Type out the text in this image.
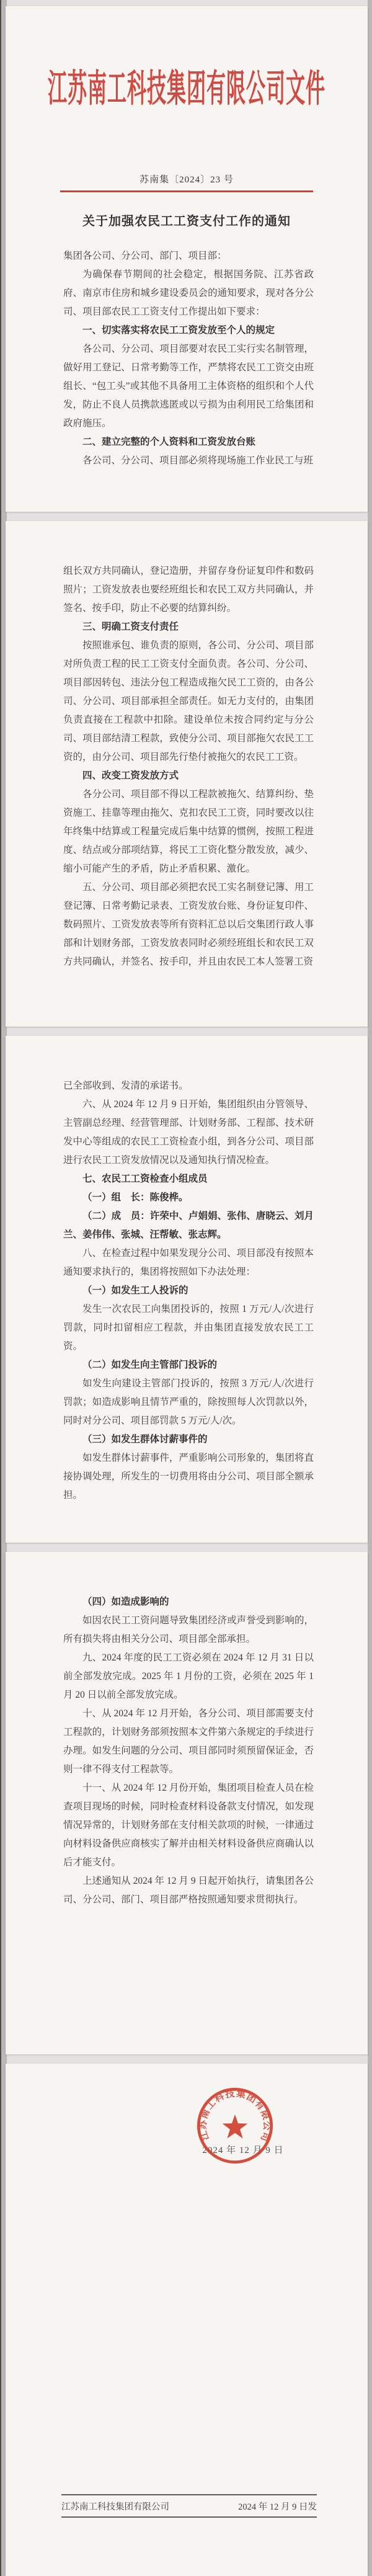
江苏南工科技集团有限公司文件
苏南集〔2024〕23 号
关于加强农民工工资支付工作的通知

集团各公司、分公司、部门、项目部：

为确保春节期间的社会稳定，根据国务院、江苏省政府、南京市住房和城乡建设委员会的通知要求，现对各分公司、项目部农民工工资支付工作提出如下要求：

一、切实落实将农民工工资发放至个人的规定

各公司、分公司、项目部要对农民工实行实名制管理，做好用工登记、日常考勤等工作，严禁将农民工工资交由班组长、“包工头”或其他不具备用工主体资格的组织和个人代发，防止不良人员携款逃匿或以亏损为由利用民工给集团和政府施压。

二、建立完整的个人资料和工资发放台账

各公司、分公司、项目部必须将现场施工作业民工与班

组长双方共同确认，登记造册，并留存身份证复印件和数码照片；工资发放表也要经班组长和农民工双方共同确认，并签名、按手印，防止不必要的结算纠纷。

三、明确工资支付责任

按照谁承包、谁负责的原则，各公司、分公司、项目部对所负责工程的民工工资支付全面负责。各公司、分公司、项目部因转包、违法分包工程造成拖欠民工工资的，由各公司、分公司、项目部承担全部责任。如无力支付的，由集团负责直接在工程款中扣除。建设单位未按合同约定与分公司、项目部结清工程款，致使分公司、项目部拖欠农民工工资的，由分公司、项目部先行垫付被拖欠的农民工工资。

四、改变工资发放方式

各分公司、项目部不得以工程款被拖欠、结算纠纷、垫资施工、挂靠等理由拖欠、克扣农民工工资，同时要改以往年终集中结算或工程量完成后集中结算的惯例，按照工程进度、结点或分部项结算，将民工工资化整分散发放，减少、缩小可能产生的矛盾，防止矛盾积累、激化。

五、分公司、项目部必须把农民工实名制登记簿、用工登记簿、日常考勤记录表、工资发放台账、身份证复印件、数码照片、工资发放表等所有资料汇总以后交集团行政人事部和计划财务部，工资发放表同时必须经班组长和农民工双方共同确认，并签名、按手印，并且由农民工本人签署工资

已全部收到、发清的承诺书。

六、从 2024 年 12 月 9 日开始，集团组织由分管领导、主管副总经理、经营管理部、计划财务部、工程部、技术研发中心等组成的农民工工资检查小组，到各分公司、项目部进行农民工工资发放情况以及通知执行情况检查。

七、农民工工资检查小组成员

（一）组　长：陈俊桦。

（二）成　员：许荣中、卢娟娟、张伟、唐晓云、刘月兰、姜伟伟、张城、汪帮敏、张志辉。

八、在检查过程中如果发现分公司、项目部没有按照本通知要求执行的，集团将按照如下办法处理：

（一）如发生工人投诉的

发生一次农民工向集团投诉的，按照 1 万元/人/次进行罚款，同时扣留相应工程款，并由集团直接发放农民工工资。

（二）如发生向主管部门投诉的

如发生向建设主管部门投诉的，按照 3 万元/人/次进行罚款；如造成影响且情节严重的，除按照每人次罚款以外，同时对分公司、项目部罚款 5 万元/人/次。

（三）如发生群体讨薪事件的

如发生群体讨薪事件，严重影响公司形象的，集团将直接协调处理，所发生的一切费用将由分公司、项目部全额承担。

（四）如造成影响的

如因农民工工资问题导致集团经济或声誉受到影响的，所有损失将由相关分公司、项目部全部承担。

九、2024 年度的民工工资必须在 2024 年 12 月 31 日以前全部发放完成。2025 年 1 月份的工资，必须在 2025 年 1 月 20 日以前全部发放完成。

十、从 2024 年 12 月开始，各分公司、项目部需要支付工程款的，计划财务部须按照本文件第六条规定的手续进行办理。如发生问题的分公司、项目部同时须预留保证金，否则一律不得支付工程款等。

十一、从 2024 年 12 月份开始，集团项目检查人员在检查项目现场的时候，同时检查材料设备款支付情况，如发现情况异常的，计划财务部在支付相关款项的时候，一律通过向材料设备供应商核实了解并由相关材料设备供应商确认以后才能支付。

上述通知从 2024 年 12 月 9 日起开始执行，请集团各公司、分公司、部门、项目部严格按照通知要求贯彻执行。

2024 年 12 月 9 日
江苏南工科技集团有限公司
江苏南工科技集团有限公司	2024 年 12 月 9 日发
